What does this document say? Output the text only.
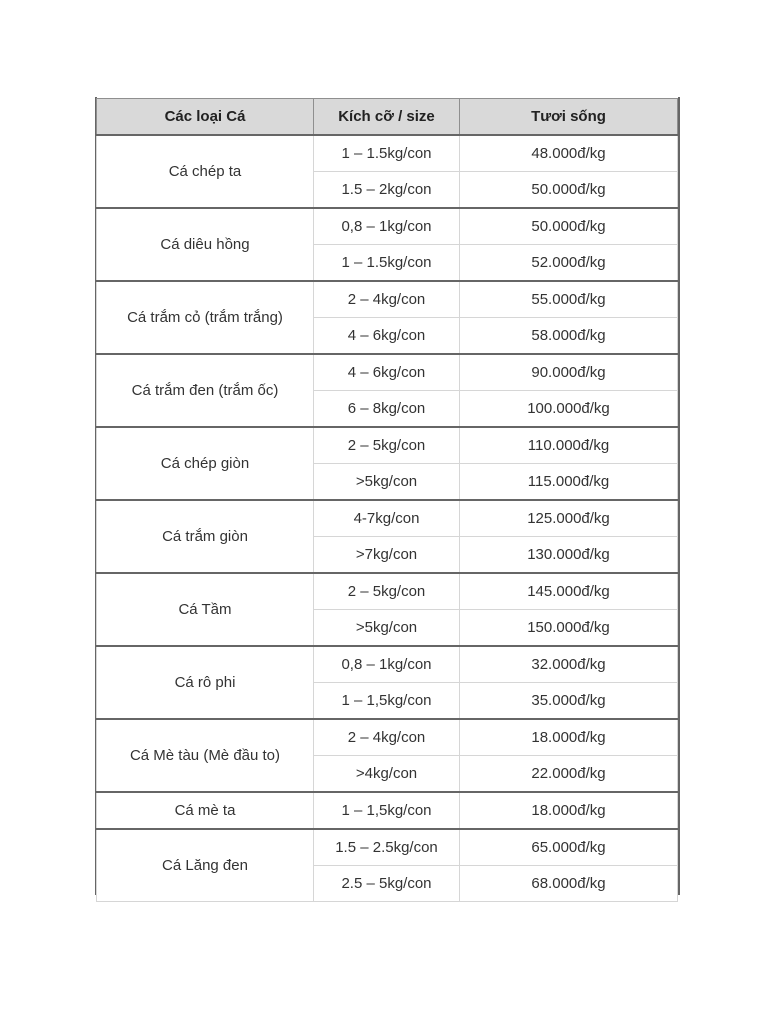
Các loại Cá	Kích cỡ / size	Tươi sống
Cá chép ta	1 – 1.5kg/con	48.000đ/kg
	1.5 – 2kg/con	50.000đ/kg
Cá diêu hồng	0,8 – 1kg/con	50.000đ/kg
	1 – 1.5kg/con	52.000đ/kg
Cá trắm cỏ (trắm trắng)	2 – 4kg/con	55.000đ/kg
	4 – 6kg/con	58.000đ/kg
Cá trắm đen (trắm ốc)	4 – 6kg/con	90.000đ/kg
	6 – 8kg/con	100.000đ/kg
Cá chép giòn	2 – 5kg/con	110.000đ/kg
	>5kg/con	115.000đ/kg
Cá trắm giòn	4-7kg/con	125.000đ/kg
	>7kg/con	130.000đ/kg
Cá Tầm	2 – 5kg/con	145.000đ/kg
	>5kg/con	150.000đ/kg
Cá rô phi	0,8 – 1kg/con	32.000đ/kg
	1 – 1,5kg/con	35.000đ/kg
Cá Mè tàu (Mè đầu to)	2 – 4kg/con	18.000đ/kg
	>4kg/con	22.000đ/kg
Cá mè ta	1 – 1,5kg/con	18.000đ/kg
Cá Lăng đen	1.5 – 2.5kg/con	65.000đ/kg
	2.5 – 5kg/con	68.000đ/kg
